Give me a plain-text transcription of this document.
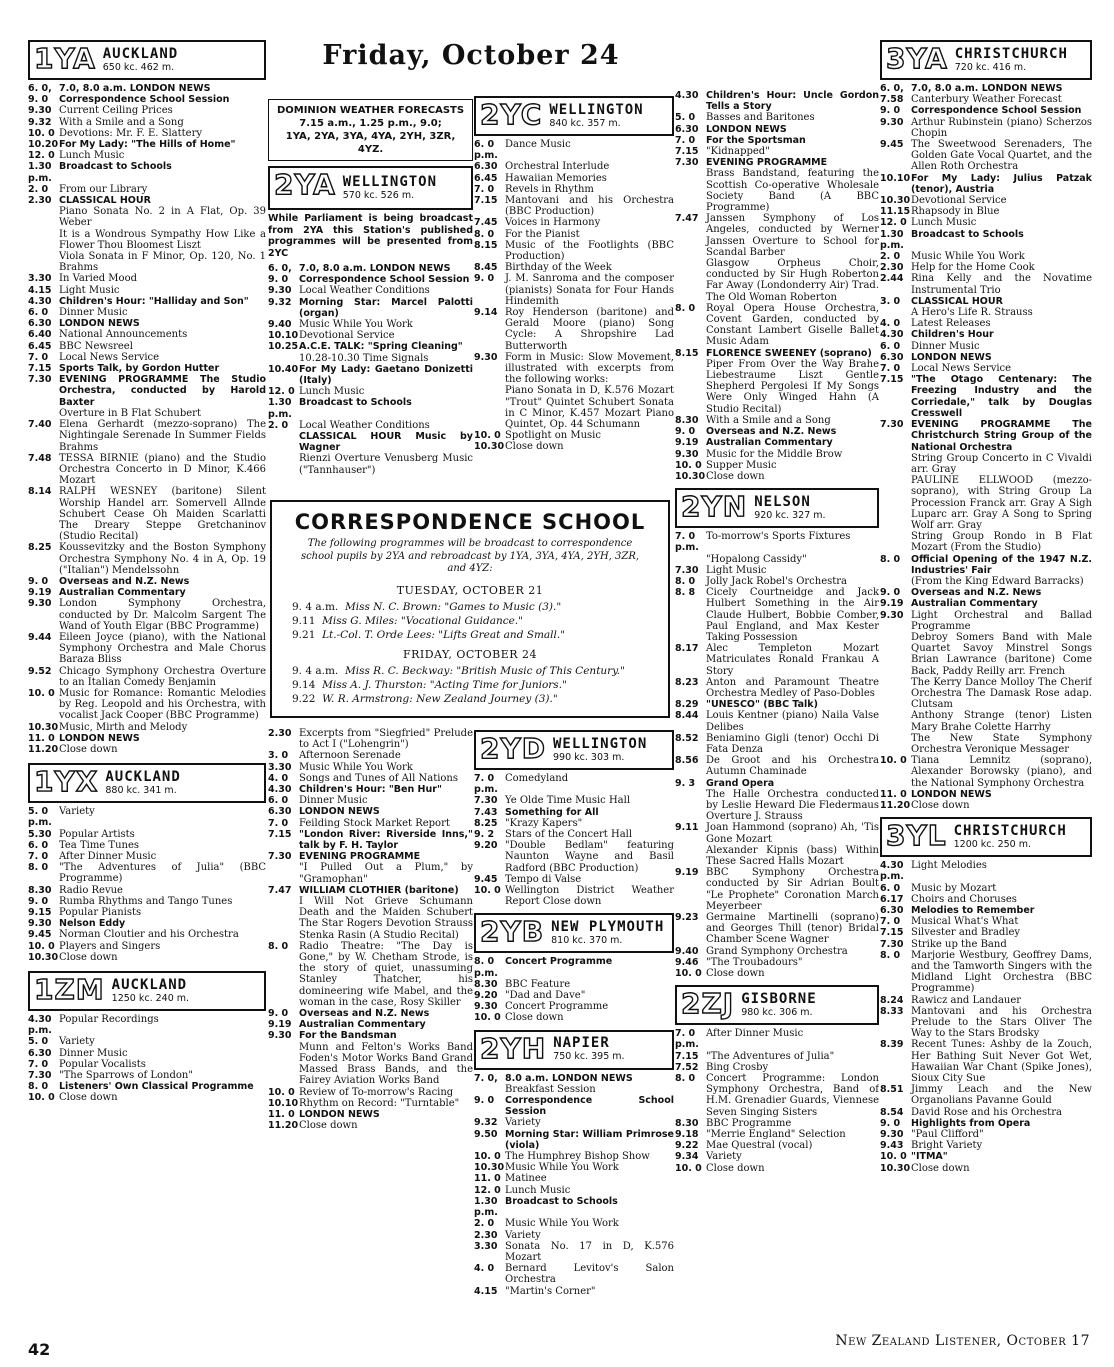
Friday, October 24
1YA AUCKLAND
650 kc. 462 m.
6. 0, 7.0, 8.0 a.m. LONDON NEWS
9. 0	Correspondence School Session
9.30 Current Ceiling Prices
9.32 With a Smile and a Song
10. 0 Devotions: Mr. F. E. Slattery
10.20 For My Lady: "The Hills of Home"
12. 0 Lunch Music
1.30 p.m.
Broadcast to Schools
2. 0	From our Library
2.30 CLASSICAL HOUR
Piano Sonata No. 2 in A Flat, Op. 39 Weber
It is a Wondrous Sympathy How Like a Flower Thou Bloomest Liszt
Viola Sonata in F Minor, Op. 120, No. 1 Brahms
3.30 In Varied Mood
4.15 Light Music
4.30 Children's Hour: "Halliday and Son"
6. 0	Dinner Music
6.30 LONDON NEWS
6.40 National Announcements
6.45 BBC Newsreel
7. 0	Local News Service
7.15 Sports Talk, by Gordon Hutter
7.30 EVENING PROGRAMME The Studio Orchestra, conducted by Harold Baxter
Overture in B Flat Schubert
7.40 Elena Gerhardt (mezzo-soprano) The Nightingale Serenade In Summer Fields Brahms
7.48 TESSA BIRNIE (piano) and the Studio Orchestra Concerto in D Minor, K.466 Mozart
8.14 RALPH WESNEY (baritone) Silent Worship Handel arr. Somervell Allnde Schubert Cease Oh Maiden Scarlatti The Dreary Steppe Gretchaninov (Studio Recital)
8.25 Koussevitzky and the Boston Symphony Orchestra Symphony No. 4 in A, Op. 19 ("Italian") Mendelssohn
9. 0	Overseas and N.Z. News
9.19 Australian Commentary
9.30 London Symphony Orchestra, conducted by Dr. Malcolm Sargent The Wand of Youth Elgar (BBC Programme)
9.44 Eileen Joyce (piano), with the National Symphony Orchestra and Male Chorus Baraza Bliss
9.52 Chicago Symphony Orchestra Overture to an Italian Comedy Benjamin
10. 0 Music for Romance: Romantic Melodies by Reg. Leopold and his Orchestra, with vocalist Jack Cooper (BBC Programme)
10.30 Music, Mirth and Melody
11. 0 LONDON NEWS
11.20 Close down
1YX AUCKLAND
880 kc. 341 m.
5. 0 p.m.
Variety
5.30 Popular Artists
6. 0	Tea Time Tunes
7. 0	After Dinner Music
8. 0	"The Adventures of Julia" (BBC Programme)
8.30 Radio Revue
9. 0	Rumba Rhythms and Tango Tunes
9.15 Popular Pianists
9.30 Nelson Eddy
9.45 Norman Cloutier and his Orchestra
10. 0 Players and Singers
10.30 Close down
1ZM AUCKLAND
1250 kc. 240 m.
4.30 p.m.
Popular Recordings
5. 0	Variety
6.30 Dinner Music
7. 0	Popular Vocalists
7.30 "The Sparrows of London"
8. 0	Listeners' Own Classical Programme
10. 0 Close down
DOMINION WEATHER FORECASTS
7.15 a.m., 1.25 p.m., 9.0;
1YA, 2YA, 3YA, 4YA, 2YH, 3ZR, 4YZ.
2YA WELLINGTON
570 kc. 526 m.
While Parliament is being broadcast from 2YA this Station's published programmes will be presented from 2YC
6. 0, 7.0, 8.0 a.m. LONDON NEWS
9. 0	Correspondence School Session
9.30 Local Weather Conditions
9.32 Morning Star: Marcel Palotti (organ)
9.40 Music While You Work
10.10 Devotional Service
10.25 A.C.E. TALK: "Spring Cleaning"
10.28-10.30 Time Signals
10.40 For My Lady: Gaetano Donizetti (Italy)
12. 0 Lunch Music
1.30 p.m.
Broadcast to Schools
2. 0	Local Weather Conditions
CLASSICAL HOUR Music by Wagner
Rienzi Overture Venusberg Music ("Tannhauser")
CORRESPONDENCE SCHOOL
The following programmes will be broadcast to correspondence school pupils by 2YA and rebroadcast by 1YA, 3YA, 4YA, 2YH, 3ZR, and 4YZ:
TUESDAY, OCTOBER 21
9. 4 a.m. Miss N. C. Brown: "Games to Music (3)."
9.11 Miss G. Miles: "Vocational Guidance."
9.21 Lt.-Col. T. Orde Lees: "Lifts Great and Small."
FRIDAY, OCTOBER 24
9. 4 a.m. Miss R. C. Beckway: "British Music of This Century."
9.14 Miss A. J. Thurston: "Acting Time for Juniors."
9.22 W. R. Armstrong: New Zealand Journey (3)."
2.30 Excerpts from "Siegfried" Prelude to Act I ("Lohengrin")
3. 0	Afternoon Serenade
3.30 Music While You Work
4. 0	Songs and Tunes of All Nations
4.30 Children's Hour: "Ben Hur"
6. 0	Dinner Music
6.30 LONDON NEWS
7. 0	Feilding Stock Market Report
7.15 "London River: Riverside Inns," talk by F. H. Taylor
7.30 EVENING PROGRAMME
"I Pulled Out a Plum," by "Gramophan"
7.47 WILLIAM CLOTHIER (baritone)
I Will Not Grieve Schumann Death and the Maiden Schubert The Star Rogers Devotion Strauss Stenka Rasin (A Studio Recital)
8. 0	Radio Theatre: "The Day is Gone," by W. Chetham Strode, is the story of quiet, unassuming Stanley Thatcher, his domineering wife Mabel, and the woman in the case, Rosy Skiller
9. 0	Overseas and N.Z. News
9.19 Australian Commentary
9.30 For the Bandsman
Munn and Felton's Works Band Foden's Motor Works Band Grand Massed Brass Bands, and the Fairey Aviation Works Band
10. 0 Review of To-morrow's Racing
10.10 Rhythm on Record: "Turntable"
11. 0 LONDON NEWS
11.20 Close down
2YC WELLINGTON
840 kc. 357 m.
6. 0 p.m.
Dance Music
6.30 Orchestral Interlude
6.45 Hawaiian Memories
7. 0	Revels in Rhythm
7.15 Mantovani and his Orchestra (BBC Production)
7.45 Voices in Harmony
8. 0	For the Pianist
8.15 Music of the Footlights (BBC Production)
8.45 Birthday of the Week
9. 0	J. M. Sanroma and the composer (pianists) Sonata for Four Hands Hindemith
9.14 Roy Henderson (baritone) and Gerald Moore (piano) Song Cycle: A Shropshire Lad Butterworth
9.30 Form in Music: Slow Movement, illustrated with excerpts from the following works:
Piano Sonata in D, K.576 Mozart "Trout" Quintet Schubert Sonata in C Minor, K.457 Mozart Piano Quintet, Op. 44 Schumann
10. 0 Spotlight on Music
10.30 Close down
2YD WELLINGTON
990 kc. 303 m.
7. 0 p.m.
Comedyland
7.30 Ye Olde Time Music Hall
7.43 Something for All
8.25 "Krazy Kapers"
9. 2	Stars of the Concert Hall
9.20 "Double Bedlam" featuring Naunton Wayne and Basil Radford (BBC Production)
9.45 Tempo di Valse
10. 0 Wellington District Weather Report Close down
2YB NEW PLYMOUTH
810 kc. 370 m.
8. 0 p.m.
Concert Programme
8.30 BBC Feature
9.20 "Dad and Dave"
9.30 Concert Programme
10. 0 Close down
2YH NAPIER
750 kc. 395 m.
7. 0, 8.0 a.m. LONDON NEWS
Breakfast Session
9. 0	Correspondence School Session
9.32 Variety
9.50 Morning Star: William Primrose (viola)
10. 0 The Humphrey Bishop Show
10.30 Music While You Work
11. 0 Matinee
12. 0 Lunch Music
1.30 p.m.
Broadcast to Schools
2. 0	Music While You Work
2.30 Variety
3.30 Sonata No. 17 in D, K.576 Mozart
4. 0	Bernard Levitov's Salon Orchestra
4.15 "Martin's Corner"
4.30 Children's Hour: Uncle Gordon Tells a Story
5. 0	Basses and Baritones
6.30 LONDON NEWS
7. 0	For the Sportsman
7.15 "Kidnapped"
7.30 EVENING PROGRAMME
Brass Bandstand, featuring the Scottish Co-operative Wholesale Society Band (A BBC Programme)
7.47 Janssen Symphony of Los Angeles, conducted by Werner Janssen Overture to School for Scandal Barber
Glasgow Orpheus Choir, conducted by Sir Hugh Roberton Far Away (Londonderry Air) Trad. The Old Woman Roberton
8. 0	Royal Opera House Orchestra, Covent Garden, conducted by Constant Lambert Giselle Ballet Music Adam
8.15 FLORENCE SWEENEY (soprano)
Piper From Over the Way Brahe Liebestraume Liszt Gentle Shepherd Pergolesi If My Songs Were Only Winged Hahn (A Studio Recital)
8.30 With a Smile and a Song
9. 0	Overseas and N.Z. News
9.19 Australian Commentary
9.30 Music for the Middle Brow
10. 0 Supper Music
10.30 Close down
2YN NELSON
920 kc. 327 m.
7. 0 p.m.
To-morrow's Sports Fixtures
"Hopalong Cassidy"
7.30 Light Music
8. 0	Jolly Jack Robel's Orchestra
8. 8	Cicely Courtneidge and Jack Hulbert Something in the Air Claude Hulbert, Bobbie Comber, Paul England, and Max Kester Taking Possession
8.17 Alec Templeton Mozart Matriculates Ronald Frankau A Story
8.23 Anton and Paramount Theatre Orchestra Medley of Paso-Dobles
8.29 "UNESCO" (BBC Talk)
8.44 Louis Kentner (piano) Naila Valse Delibes
8.52 Beniamino Gigli (tenor) Occhi Di Fata Denza
8.56 De Groot and his Orchestra Autumn Chaminade
9. 3	Grand Opera
The Halle Orchestra conducted by Leslie Heward Die Fledermaus Overture J. Strauss
9.11 Joan Hammond (soprano) Ah, 'Tis Gone Mozart
Alexander Kipnis (bass) Within These Sacred Halls Mozart
9.19 BBC Symphony Orchestra conducted by Sir Adrian Boult "Le Prophete" Coronation March Meyerbeer
9.23 Germaine Martinelli (soprano) and Georges Thill (tenor) Bridal Chamber Scene Wagner
9.40 Grand Symphony Orchestra
9.46 "The Troubadours"
10. 0 Close down
2ZJ GISBORNE
980 kc. 306 m.
7. 0 p.m.
After Dinner Music
7.15 "The Adventures of Julia"
7.52 Bing Crosby
8. 0	Concert Programme: London Symphony Orchestra, Band of H.M. Grenadier Guards, Viennese Seven Singing Sisters
8.30 BBC Programme
9.18 "Merrie England" Selection
9.22 Mae Questral (vocal)
9.34 Variety
10. 0 Close down
3YA CHRISTCHURCH
720 kc. 416 m.
6. 0, 7.0, 8.0 a.m. LONDON NEWS
7.58 Canterbury Weather Forecast
9. 0	Correspondence School Session
9.30 Arthur Rubinstein (piano) Scherzos Chopin
9.45 The Sweetwood Serenaders, The Golden Gate Vocal Quartet, and the Allen Roth Orchestra
10.10 For My Lady: Julius Patzak (tenor), Austria
10.30 Devotional Service
11.15 Rhapsody in Blue
12. 0 Lunch Music
1.30 p.m.
Broadcast to Schools
2. 0	Music While You Work
2.30 Help for the Home Cook
2.44 Rina Kelly and the Novatime Instrumental Trio
3. 0	CLASSICAL HOUR
A Hero's Life R. Strauss
4. 0	Latest Releases
4.30 Children's Hour
6. 0	Dinner Music
6.30 LONDON NEWS
7. 0	Local News Service
7.15 "The Otago Centenary: The Freezing Industry and the Corriedale," talk by Douglas Cresswell
7.30 EVENING PROGRAMME The Christchurch String Group of the National Orchestra
String Group Concerto in C Vivaldi arr. Gray
PAULINE ELLWOOD (mezzo-soprano), with String Group La Procession Franck arr. Gray A Sigh Luparc arr. Gray A Song to Spring Wolf arr. Gray
String Group Rondo in B Flat Mozart (From the Studio)
8. 0	Official Opening of the 1947 N.Z. Industries' Fair
(From the King Edward Barracks)
9. 0	Overseas and N.Z. News
9.19 Australian Commentary
9.30 Light Orchestral and Ballad Programme
Debroy Somers Band with Male Quartet Savoy Minstrel Songs Brian Lawrance (baritone) Come Back, Paddy Reilly arr. French
The Kerry Dance Molloy The Cherif Orchestra The Damask Rose adap. Clutsam
Anthony Strange (tenor) Listen Mary Brahe Colette Harrhy
The New State Symphony Orchestra Veronique Messager
10. 0 Tiana Lemnitz (soprano), Alexander Borowsky (piano), and the National Symphony Orchestra
11. 0 LONDON NEWS
11.20 Close down
3YL CHRISTCHURCH
1200 kc. 250 m.
4.30 p.m.
Light Melodies
6. 0	Music by Mozart
6.17 Choirs and Choruses
6.30 Melodies to Remember
7. 0	Musical What's What
7.15 Silvester and Bradley
7.30 Strike up the Band
8. 0	Marjorie Westbury, Geoffrey Dams, and the Tamworth Singers with the Midland Light Orchestra (BBC Programme)
8.24 Rawicz and Landauer
8.33 Mantovani and his Orchestra Prelude to the Stars Oliver The Way to the Stars Brodsky
8.39 Recent Tunes: Ashby de la Zouch, Her Bathing Suit Never Got Wet, Hawaiian War Chant (Spike Jones), Sioux City Sue
8.51 Jimmy Leach and the New Organolians Pavanne Gould
8.54 David Rose and his Orchestra
9. 0	Highlights from Opera
9.30 "Paul Clifford"
9.43 Bright Variety
10. 0 "ITMA"
10.30 Close down
42	New Zealand Listener, October 17
